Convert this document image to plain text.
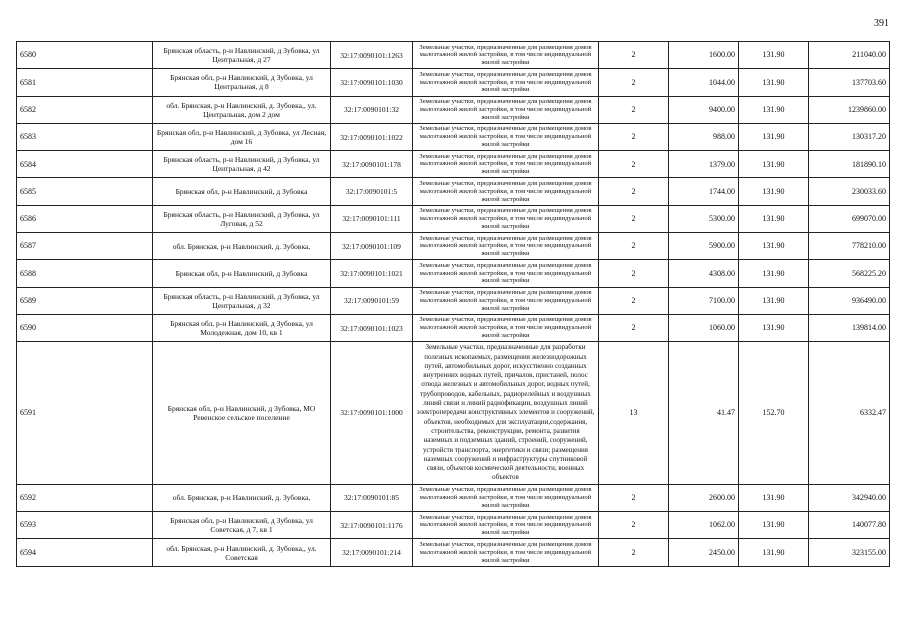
391
6580	Брянская область, р-н Навлинский, д Зубовка, ул Центральная, д 27	32:17:0090101:1263	Земельные участки, предназначенные для размещения домов малоэтажной жилой застройки, в том числе индивидуальной жилой застройки	2	1600.00	131.90	211040.00
6581	Брянская обл, р-н Навлинский, д Зубовка, ул Центральная, д 8	32:17:0090101:1030	Земельные участки, предназначенные для размещения домов малоэтажной жилой застройки, в том числе индивидуальной жилой застройки	2	1044.00	131.90	137703.60
6582	обл. Брянская, р-н Навлинский, д. Зубовка,, ул. Центральная, дом 2 дом	32:17:0090101:32	Земельные участки, предназначенные для размещения домов малоэтажной жилой застройки, в том числе индивидуальной жилой застройки	2	9400.00	131.90	1239860.00
6583	Брянская обл, р-н Навлинский, д Зубовка, ул Лесная, дом 16	32:17:0090101:1022	Земельные участки, предназначенные для размещения домов малоэтажной жилой застройки, в том числе индивидуальной жилой застройки	2	988.00	131.90	130317.20
6584	Брянская область, р-н Навлинский, д Зубовка, ул Центральная, д 42	32:17:0090101:178	Земельные участки, предназначенные для размещения домов малоэтажной жилой застройки, в том числе индивидуальной жилой застройки	2	1379.00	131.90	181890.10
6585	Брянская обл, р-н Навлинский, д Зубовка	32:17:0090101:5	Земельные участки, предназначенные для размещения домов малоэтажной жилой застройки, в том числе индивидуальной жилой застройки	2	1744.00	131.90	230033.60
6586	Брянская область, р-н Навлинский, д Зубовка, ул Луговая, д 52	32:17:0090101:111	Земельные участки, предназначенные для размещения домов малоэтажной жилой застройки, в том числе индивидуальной жилой застройки	2	5300.00	131.90	699070.00
6587	обл. Брянская, р-н Навлинский, д. Зубовка,	32:17:0090101:109	Земельные участки, предназначенные для размещения домов малоэтажной жилой застройки, в том числе индивидуальной жилой застройки	2	5900.00	131.90	778210.00
6588	Брянская обл, р-н Навлинский, д Зубовка	32:17:0090101:1021	Земельные участки, предназначенные для размещения домов малоэтажной жилой застройки, в том числе индивидуальной жилой застройки	2	4308.00	131.90	568225.20
6589	Брянская область, р-н Навлинский, д Зубовка, ул Центральная, д 32	32:17:0090101:59	Земельные участки, предназначенные для размещения домов малоэтажной жилой застройки, в том числе индивидуальной жилой застройки	2	7100.00	131.90	936490.00
6590	Брянская обл, р-н Навлинский, д Зубовка, ул Молодежная, дом 10, кв 1	32:17:0090101:1023	Земельные участки, предназначенные для размещения домов малоэтажной жилой застройки, в том числе индивидуальной жилой застройки	2	1060.00	131.90	139814.00
6591	Брянская обл, р-н Навлинский, д Зубовка, МО Ревенское сельское поселение	32:17:0090101:1000	Земельные участки, предназначенные для разработки полезных ископаемых, размещения железнодорожных путей, автомобильных дорог, искусственно созданных внутренних водных путей, причалов, пристаней, полос отвода железных и автомобильных дорог, водных путей, трубопроводов, кабельных, радиорелейных и воздушных линий связи и линий радиофикации, воздушных линий электропередачи конструктивных элементов и сооружений, объектов, необходимых для эксплуатации,содержания, строительства, реконструкции, ремонта, развития наземных и подземных зданий, строений, сооружений, устройств транспорта, энергетики и связи; размещения наземных сооружений и инфраструктуры спутниковой связи, объектов космической деятельности, военных объектов	13	41.47	152.70	6332.47
6592	обл. Брянская, р-н Навлинский, д. Зубовка,	32:17:0090101:85	Земельные участки, предназначенные для размещения домов малоэтажной жилой застройки, в том числе индивидуальной жилой застройки	2	2600.00	131.90	342940.00
6593	Брянская обл, р-н Навлинский, д Зубовка, ул Советская, д 7, кв 1	32:17:0090101:1176	Земельные участки, предназначенные для размещения домов малоэтажной жилой застройки, в том числе индивидуальной жилой застройки	2	1062.00	131.90	140077.80
6594	обл. Брянская, р-н Навлинский, д. Зубовка,, ул. Советская	32:17:0090101:214	Земельные участки, предназначенные для размещения домов малоэтажной жилой застройки, в том числе индивидуальной жилой застройки	2	2450.00	131.90	323155.00
